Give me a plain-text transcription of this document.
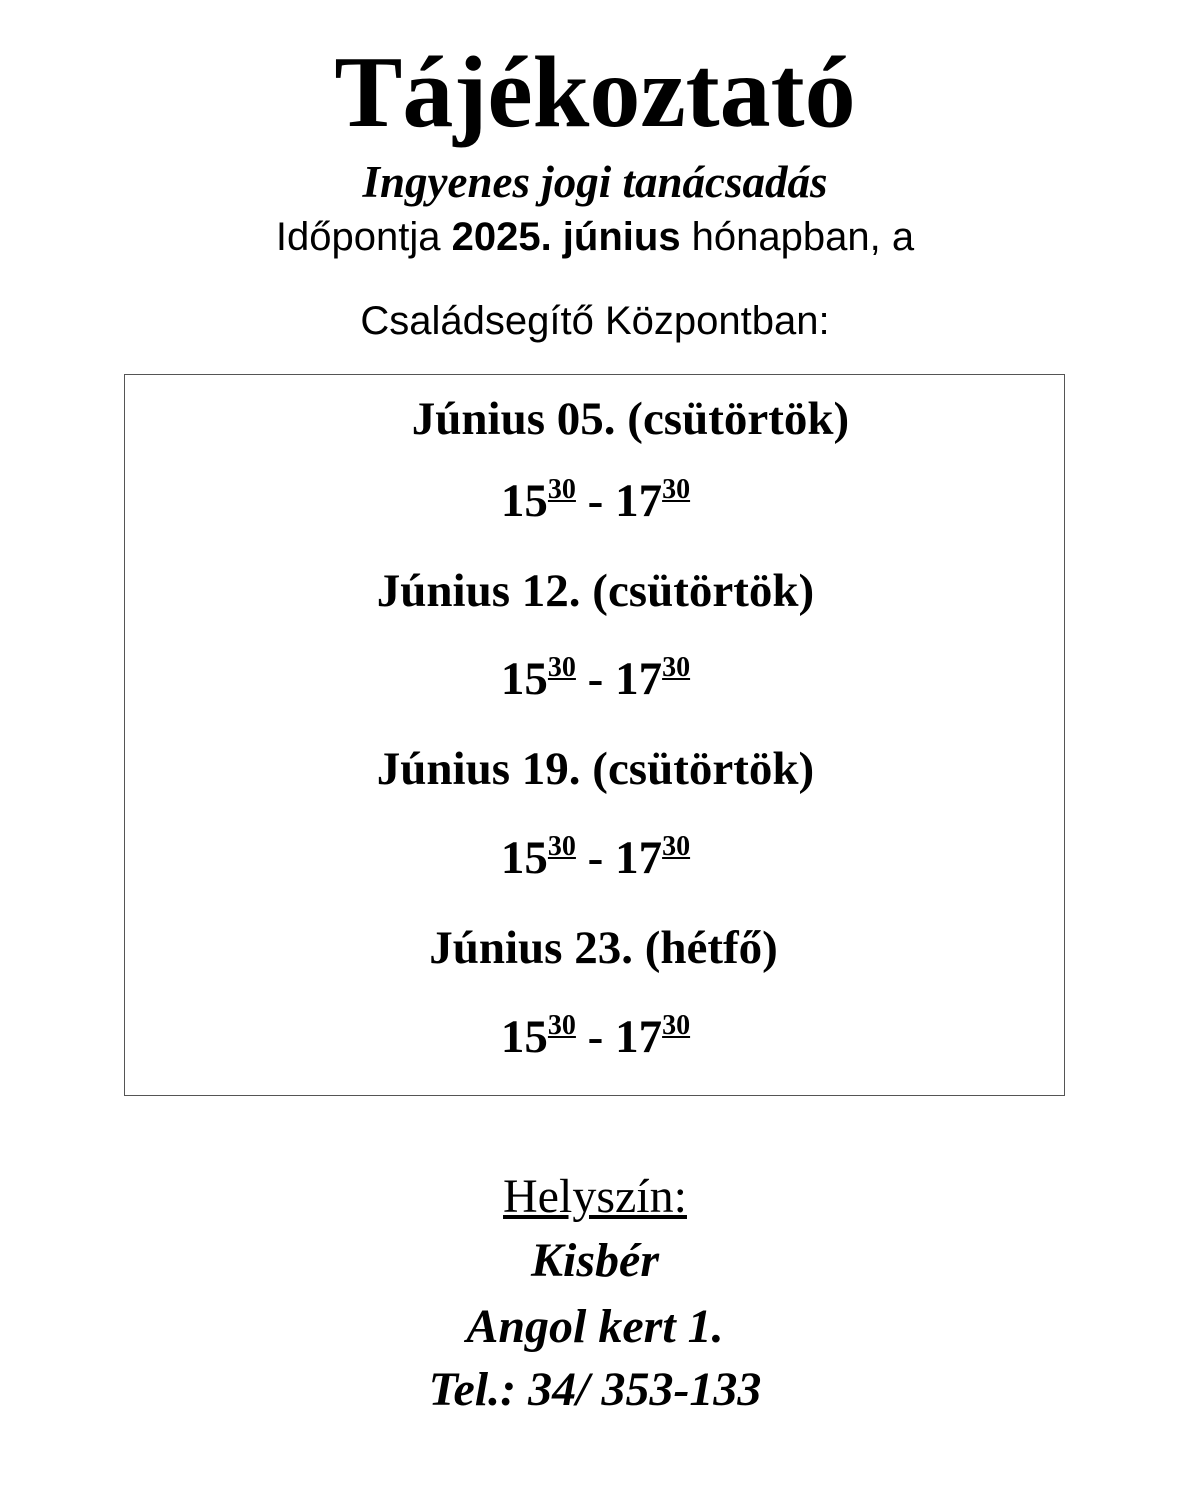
Tájékoztató
Ingyenes jogi tanácsadás
Időpontja 2025. június hónapban, a
Családsegítő Központban:
Június 05. (csütörtök)
$15^{30} - 17^{30}$
Június 12. (csütörtök)
$15^{30} - 17^{30}$
Június 19. (csütörtök)
$15^{30} - 17^{30}$
Június 23. (hétfő)
$15^{30} - 17^{30}$
Helyszín:
Kisbér
Angol kert 1.
Tel.: 34/ 353-133
